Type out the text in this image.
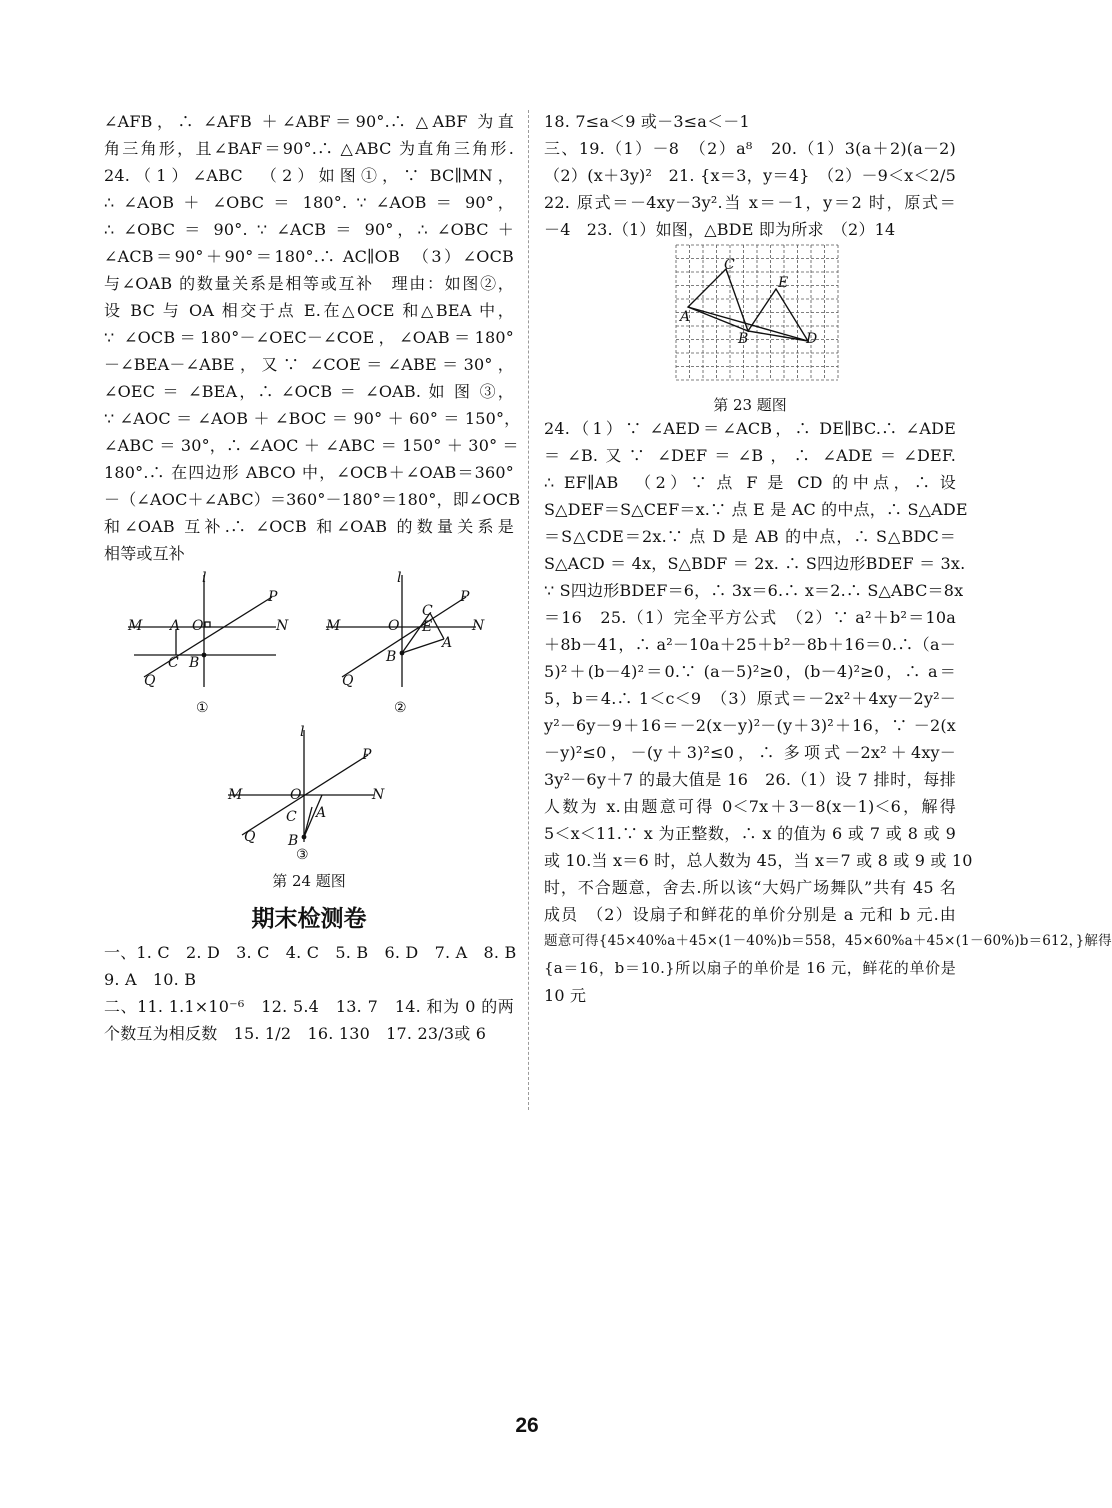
∠AFB，∴ ∠AFB ＋∠ABF＝90°.∴ △ABF 为直
角三角形，且∠BAF＝90°.∴ △ABC 为直角三角形.
24.（1）∠ABC　（2）如图①，∵ BC∥MN，
∴ ∠AOB ＋ ∠OBC ＝ 180°. ∵ ∠AOB ＝ 90°，
∴ ∠OBC ＝ 90°. ∵ ∠ACB ＝ 90°，∴ ∠OBC ＋
∠ACB＝90°＋90°＝180°.∴ AC∥OB　（3）∠OCB
与∠OAB 的数量关系是相等或互补　理由：如图②，
设 BC 与 OA 相交于点 E.在△OCE 和△BEA 中，
∵ ∠OCB＝180°－∠OEC－∠COE，∠OAB＝180°
－∠BEA－∠ABE，又∵ ∠COE＝∠ABE＝30°，
∠OEC ＝ ∠BEA，∴ ∠OCB ＝ ∠OAB. 如 图 ③，
∵ ∠AOC ＝ ∠AOB ＋ ∠BOC ＝ 90° ＋ 60° ＝ 150°，
∠ABC ＝ 30°，∴ ∠AOC ＋ ∠ABC ＝ 150° ＋ 30° ＝
180°.∴ 在四边形 ABCO 中，∠OCB＋∠OAB＝360°
－（∠AOC＋∠ABC）＝360°－180°＝180°，即∠OCB
和∠OAB 互补.∴ ∠OCB 和∠OAB 的数量关系是
相等或互补
l
P
M A O	N
C B
Q
l
P
M	O
C
E	N
A
B
Q
l
P
M	O	N
C A
B
Q
①	②
③
第 24 题图
期末检测卷
一、1. C　2. D　3. C　4. C　5. B　6. D　7. A　8. B
9. A　10. B
二、11. 1.1×10⁻⁶　12. 5.4　13. 7　14. 和为 0 的两
个数互为相反数　15. 1/2　16. 130　17. 23/3或 6
18. 7≤a＜9 或－3≤a＜－1
三、19.（1）－8　（2）a⁸　20.（1）3(a＋2)(a－2)
（2）(x＋3y)²　21. {x＝3，y＝4}　（2）－9＜x＜2/5
22. 原式＝－4xy－3y².当 x＝－1，y＝2 时，原式＝
－4　23.（1）如图，△BDE 即为所求　（2）14
A
C
E
B	D
第 23 题图
24.（1）∵ ∠AED＝∠ACB，∴ DE∥BC.∴ ∠ADE
＝∠B.又∵ ∠DEF＝∠B，∴ ∠ADE＝∠DEF.
∴ EF∥AB　（2）∵ 点 F 是 CD 的中点，∴ 设
S△DEF＝S△CEF＝x.∵ 点 E 是 AC 的中点，∴ S△ADE
＝S△CDE＝2x.∵ 点 D 是 AB 的中点，∴ S△BDC＝
S△ACD ＝ 4x，S△BDF ＝ 2x. ∴ S四边形BDEF ＝ 3x.
∵ S四边形BDEF＝6，∴ 3x＝6.∴ x＝2.∴ S△ABC＝8x
＝16　25.（1）完全平方公式　（2）∵ a²＋b²＝10a
＋8b－41，∴ a²－10a＋25＋b²－8b＋16＝0.∴（a－
5)²＋(b－4)²＝0.∵ (a－5)²≥0，(b－4)²≥0，∴ a＝
5，b＝4.∴ 1＜c＜9　（3）原式＝－2x²＋4xy－2y²－
y²－6y－9＋16＝－2(x－y)²－(y＋3)²＋16，∵ －2(x
－y)²≤0，－(y＋3)²≤0，∴ 多项式－2x²＋4xy－
3y²－6y＋7 的最大值是 16　26.（1）设 7 排时，每排
人数为 x.由题意可得 0＜7x＋3－8(x－1)＜6，解得
5＜x＜11.∵ x 为正整数，∴ x 的值为 6 或 7 或 8 或 9
或 10.当 x＝6 时，总人数为 45，当 x＝7 或 8 或 9 或 10
时，不合题意，舍去.所以该“大妈广场舞队”共有 45 名
成员　（2）设扇子和鲜花的单价分别是 a 元和 b 元.由
题意可得{45×40%a＋45×(1－40%)b＝558，45×60%a＋45×(1－60%)b＝612，}解得
{a＝16，b＝10.}所以扇子的单价是 16 元，鲜花的单价是
10 元
26
